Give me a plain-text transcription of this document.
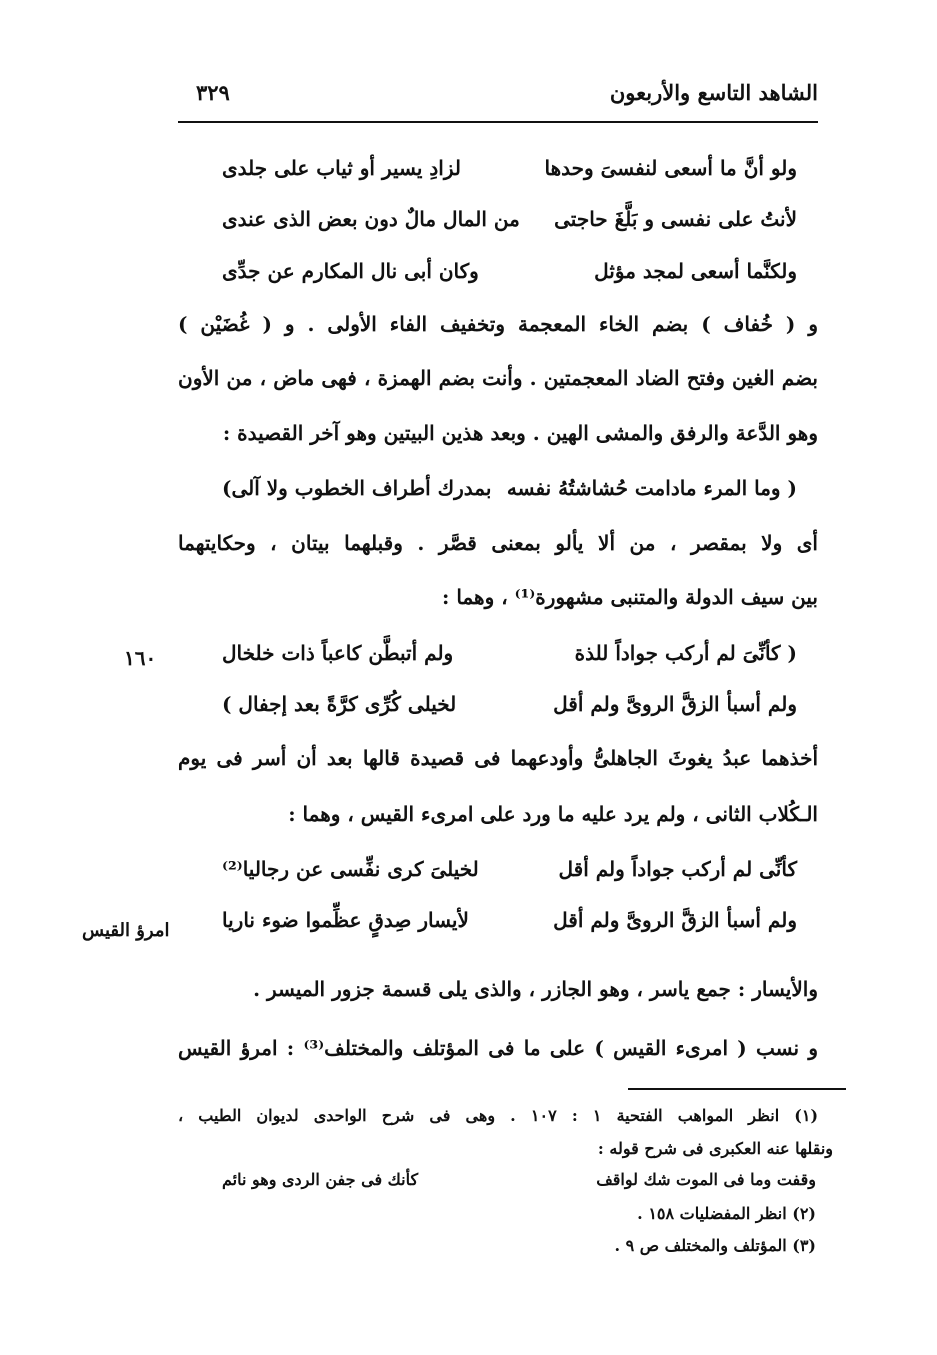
الشاهد التاسع والأربعون
٣٢٩
ولو أنَّ ما أسعى لنفسىَ وحدها
لزادِ يسير أو ثياب على جلدى
لأنتُ على نفسى و بَلَّغَ حاجتى
من المال مالٌ دون بعض الذى عندى
ولكنَّما أسعى لمجد مؤثل
وكان أبى نال المكارم عن جدِّى
و ( خُفاف ) بضم الخاء المعجمة وتخفيف الفاء الأولى . و ( غُضَيْن )
بضم الغين وفتح الضاد المعجمتين . وأنت بضم الهمزة ، فهى ماض ، من الأون
وهو الدَّعة والرفق والمشى الهين . وبعد هذين البيتين وهو آخر القصيدة :
( وما المرء مادامت حُشاشتُهُ نفسه
بمدرك أطراف الخطوب ولا آلى)
أى ولا بمقصر ، من ألا يألو بمعنى قصَّر . وقبلهما بيتان ، وحكايتهما
بين سيف الدولة والمتنبى مشهورة⁽¹⁾ ، وهما :
١٦٠	( كأنِّىَ لم أركب جواداً للذة
ولم أتبطَّن كاعباً ذات خلخال
ولم أسبأ الزقَّ الروىَّ ولم أقل
لخيلى كُرِّى كرَّةً بعد إجفال )
أخذهما عبدُ يغوثَ الجاهلىُّ وأودعهما فى قصيدة قالها بعد أن أسر فى يوم
الـكُلاب الثانى ، ولم يرد عليه ما ورد على امرىء القيس ، وهما :
كأنِّى لم أركب جواداً ولم أقل
لخيلىَ كرى نفِّسى عن رجاليا⁽²⁾
ولم أسبأ الزقَّ الروىَّ ولم أقل
لأيسار صِدقٍ عظِّموا ضوء ناريا
امرؤ القيس
والأيسار : جمع ياسر ، وهو الجازر ، والذى يلى قسمة جزور الميسر .
و نسب ( امرىء القيس ) على ما فى المؤتلف والمختلف⁽³⁾ : امرؤ القيس
(١) انظر المواهب الفتحية ١ : ١٠٧ . وهى فى شرح الواحدى لديوان الطيب ،
ونقلها عنه العكبرى فى شرح قوله :
وقفت وما فى الموت شك لواقف
كأنك فى جفن الردى وهو نائم
(٢) انظر المفضليات ١٥٨ .
(٣) المؤتلف والمختلف ص ٩ .
